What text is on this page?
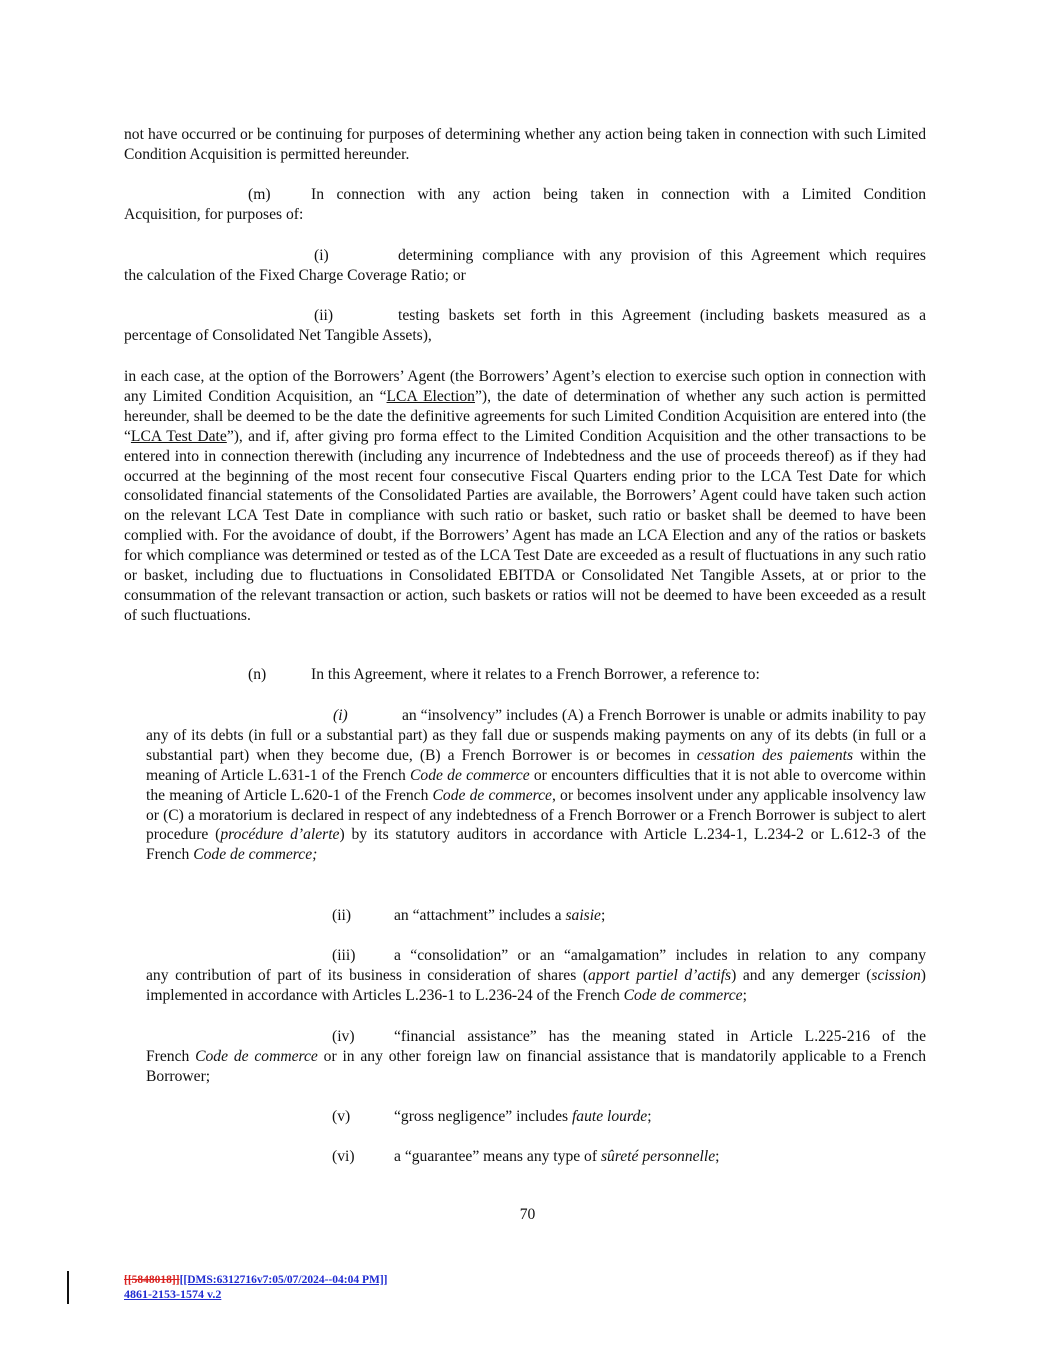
not have occurred or be continuing for purposes of determining whether any action being taken in connection with such Limited Condition Acquisition is permitted hereunder.

(m)	In connection with any action being taken in connection with a Limited Condition
Acquisition, for purposes of:

(i)	determining compliance with any provision of this Agreement which requires
the calculation of the Fixed Charge Coverage Ratio; or

(ii)	testing baskets set forth in this Agreement (including baskets measured as a
percentage of Consolidated Net Tangible Assets),

in each case, at the option of the Borrowers’ Agent (the Borrowers’ Agent’s election to exercise such option in connection with any Limited Condition Acquisition, an “LCA Election”), the date of determination of whether any such action is permitted hereunder, shall be deemed to be the date the definitive agreements for such Limited Condition Acquisition are entered into (the “LCA Test Date”), and if, after giving pro forma effect to the Limited Condition Acquisition and the other transactions to be entered into in connection therewith (including any incurrence of Indebtedness and the use of proceeds thereof) as if they had occurred at the beginning of the most recent four consecutive Fiscal Quarters ending prior to the LCA Test Date for which consolidated financial statements of the Consolidated Parties are available, the Borrowers’ Agent could have taken such action on the relevant LCA Test Date in compliance with such ratio or basket, such ratio or basket shall be deemed to have been complied with. For the avoidance of doubt, if the Borrowers’ Agent has made an LCA Election and any of the ratios or baskets for which compliance was determined or tested as of the LCA Test Date are exceeded as a result of fluctuations in any such ratio or basket, including due to fluctuations in Consolidated EBITDA or Consolidated Net Tangible Assets, at or prior to the consummation of the relevant transaction or action, such baskets or ratios will not be deemed to have been exceeded as a result of such fluctuations.

(n)	In this Agreement, where it relates to a French Borrower, a reference to:

(i)	an “insolvency” includes (A) a French Borrower is unable or admits inability to pay any of its debts (in full or a substantial part) as they fall due or suspends making payments on any of its debts (in full or a substantial part) when they become due, (B) a French Borrower is or becomes in cessation des paiements within the meaning of Article L.631-1 of the French Code de commerce or encounters difficulties that it is not able to overcome within the meaning of Article L.620-1 of the French Code de commerce, or becomes insolvent under any applicable insolvency law or (C) a moratorium is declared in respect of any indebtedness of a French Borrower or a French Borrower is subject to alert procedure (procédure d’alerte) by its statutory auditors in accordance with Article L.234-1, L.234-2 or L.612-3 of the French Code de commerce;

(ii)	an “attachment” includes a saisie;

(iii) a “consolidation” or an “amalgamation” includes in relation to any company
any contribution of part of its business in consideration of shares (apport partiel d’actifs) and any demerger (scission) implemented in accordance with Articles L.236-1 to L.236-24 of the French Code de commerce;

(iv)	“financial assistance” has the meaning stated in Article L.225-216 of the
French Code de commerce or in any other foreign law on financial assistance that is mandatorily applicable to a French Borrower;

(v)	“gross negligence” includes faute lourde;

(vi)	a “guarantee” means any type of sûreté personnelle;

70
[[5848018]][[DMS:6312716v7:05/07/2024--04:04 PM]]
4861-2153-1574 v.2
